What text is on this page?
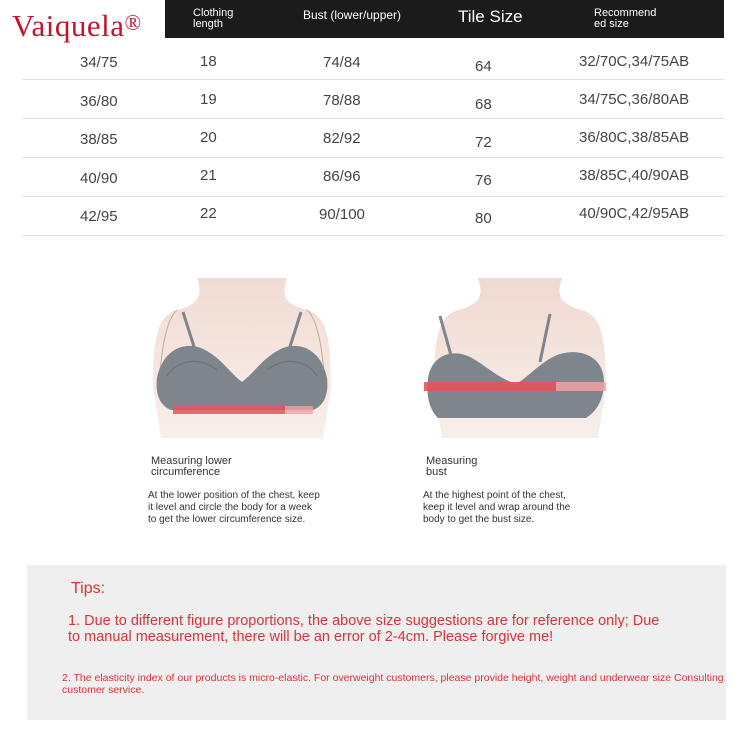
Vaiquela®	Clothing
length
Bust (lower/upper)	Tile Size	Recommend
ed size
34/75	18	74/84	64	32/70C,34/75AB
36/80	19	78/88	68	34/75C,36/80AB
38/85	20	82/92	72	36/80C,38/85AB
40/90	21	86/96	76	38/85C,40/90AB
42/95	22	90/100	80	40/90C,42/95AB
Measuring lower
circumference
At the lower position of the chest, keep
it level and circle the body for a week
to get the lower circumference size.
Measuring
bust
At the highest point of the chest,
keep it level and wrap around the
body to get the bust size.
Tips:
1. Due to different figure proportions, the above size suggestions are for reference only; Due to manual measurement, there will be an error of 2-4cm. Please forgive me!
2. The elasticity index of our products is micro-elastic. For overweight customers, please provide height, weight and underwear size Consulting customer service.
